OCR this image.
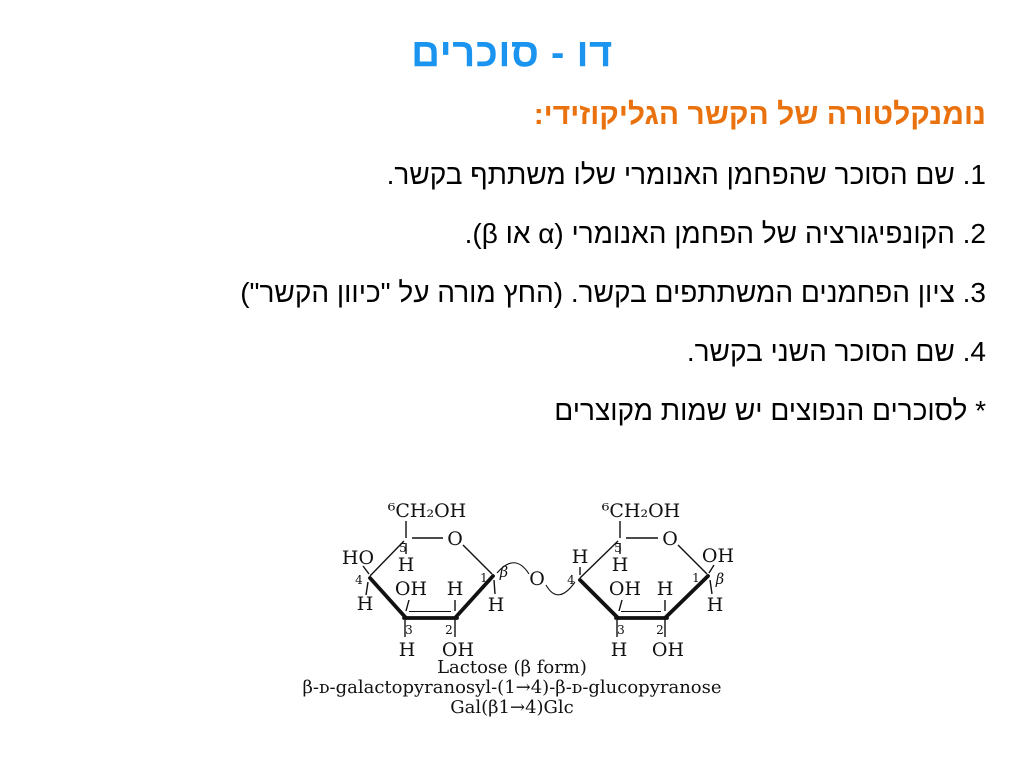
דו - סוכרים
נומנקלטורה של הקשר הגליקוזידי:
1. שם הסוכר שהפחמן האנומרי שלו משתתף בקשר.
2. הקונפיגורציה של הפחמן האנומרי (α או β).
3. ציון הפחמנים המשתתפים בקשר. (החץ מורה על "כיוון הקשר")
4. שם הסוכר השני בקשר.
* לסוכרים הנפוצים יש שמות מקוצרים
⁶CH₂OH
O
5
H
HO
4
H
OH H 1 β
H
3
H
2
OH
O
⁶CH₂OH
O
5
H
H
4
OH
1 β
H
OH H
3
H
2
OH
Lactose (β form)
β-ᴅ-galactopyranosyl-(1→4)-β-ᴅ-glucopyranose
Gal(β1→4)Glc
